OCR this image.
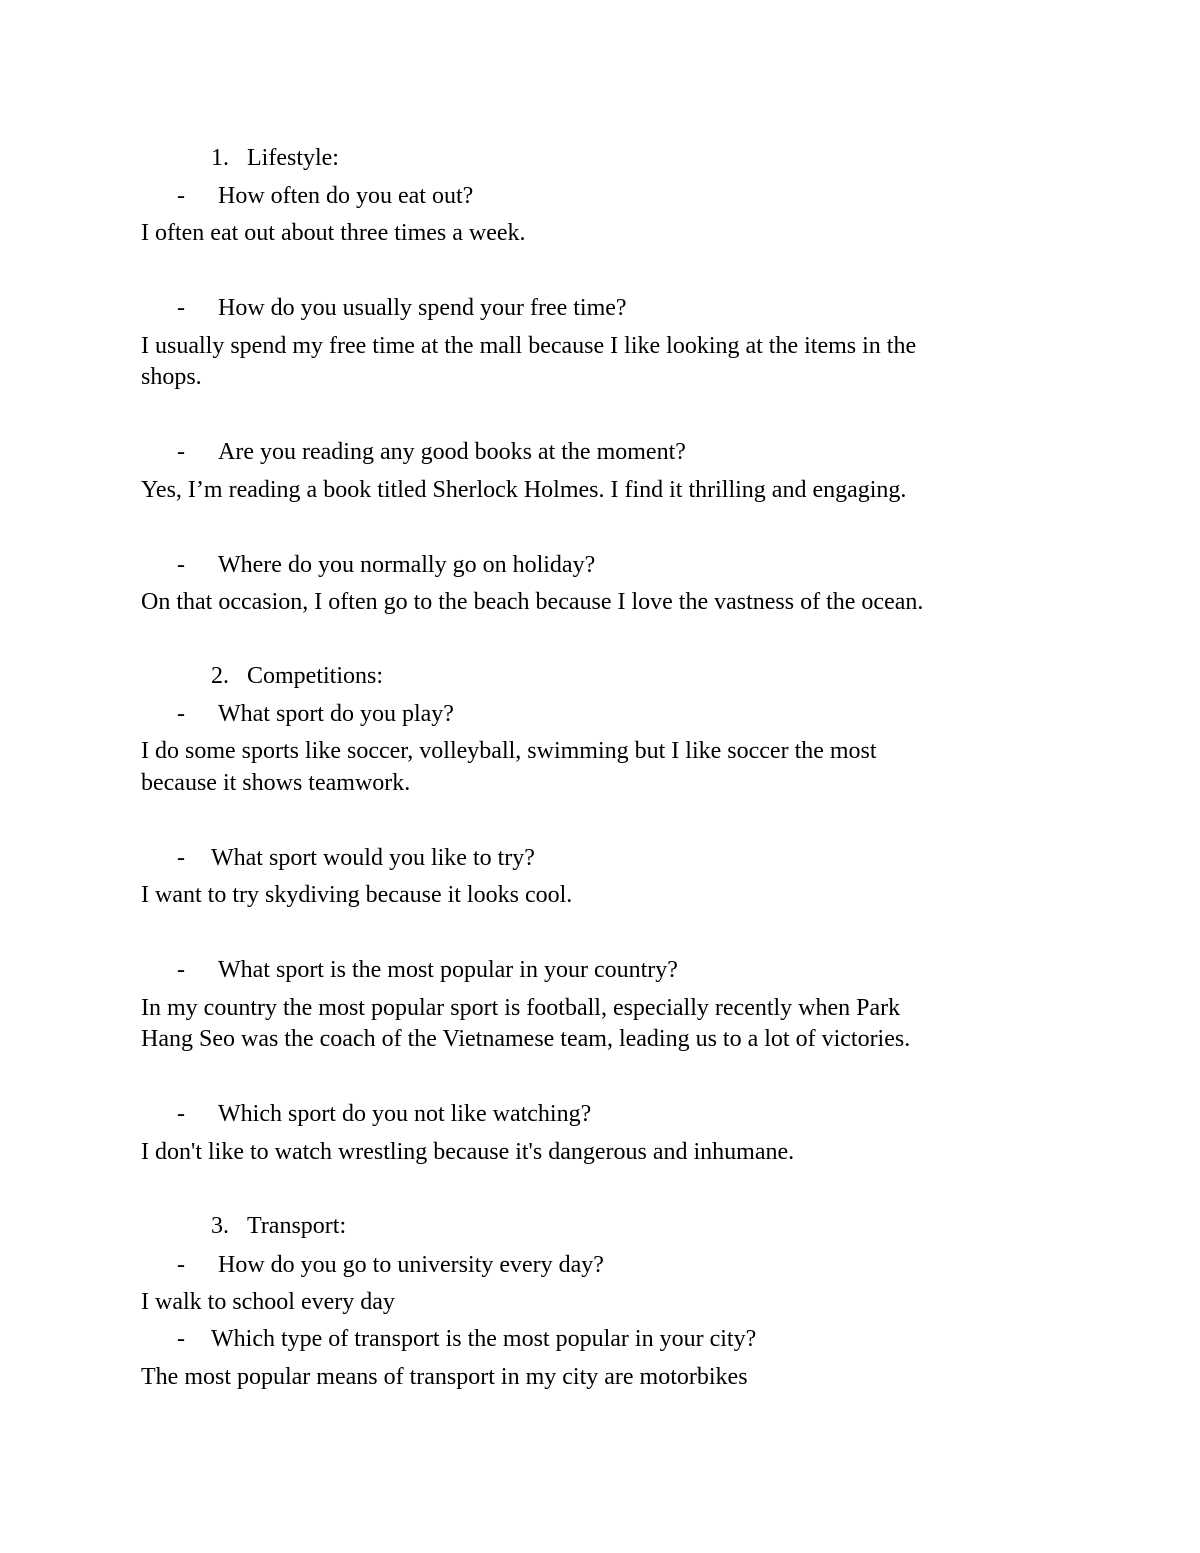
1. Lifestyle:
- How often do you eat out?
I often eat out about three times a week.
- How do you usually spend your free time?
I usually spend my free time at the mall because I like looking at the items in the
shops.
- Are you reading any good books at the moment?
Yes, I’m reading a book titled Sherlock Holmes. I find it thrilling and engaging.
- Where do you normally go on holiday?
On that occasion, I often go to the beach because I love the vastness of the ocean.
2. Competitions:
- What sport do you play?
I do some sports like soccer, volleyball, swimming but I like soccer the most
because it shows teamwork.
- What sport would you like to try?
I want to try skydiving because it looks cool.
- What sport is the most popular in your country?
In my country the most popular sport is football, especially recently when Park
Hang Seo was the coach of the Vietnamese team, leading us to a lot of victories.
- Which sport do you not like watching?
I don't like to watch wrestling because it's dangerous and inhumane.
3. Transport:
- How do you go to university every day?
I walk to school every day
- Which type of transport is the most popular in your city?
The most popular means of transport in my city are motorbikes
